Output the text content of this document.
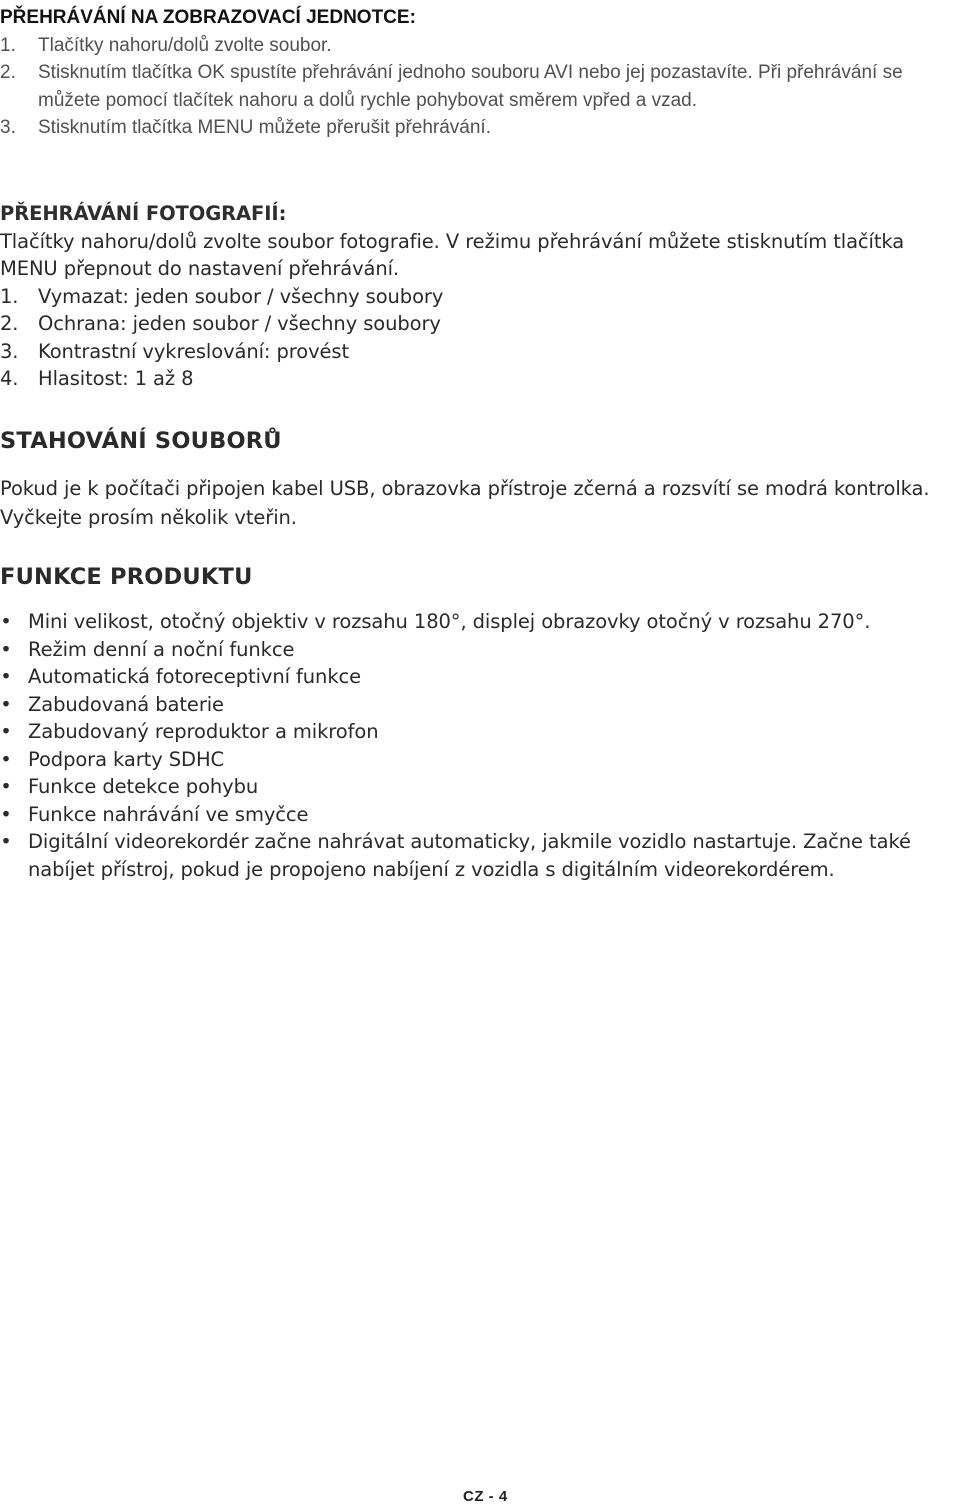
PŘEHRÁVÁNÍ NA ZOBRAZOVACÍ JEDNOTCE:
1. Tlačítky nahoru/dolů zvolte soubor.
2. Stisknutím tlačítka OK spustíte přehrávání jednoho souboru AVI nebo jej pozastavíte. Při přehrávání se můžete pomocí tlačítek nahoru a dolů rychle pohybovat směrem vpřed a vzad.
3. Stisknutím tlačítka MENU můžete přerušit přehrávání.
PŘEHRÁVÁNÍ FOTOGRAFIÍ:
Tlačítky nahoru/dolů zvolte soubor fotografie. V režimu přehrávání můžete stisknutím tlačítka MENU přepnout do nastavení přehrávání.
1. Vymazat: jeden soubor / všechny soubory
2. Ochrana: jeden soubor / všechny soubory
3. Kontrastní vykreslování: provést
4. Hlasitost: 1 až 8
STAHOVÁNÍ SOUBORŮ
Pokud je k počítači připojen kabel USB, obrazovka přístroje zčerná a rozsvítí se modrá kontrolka. Vyčkejte prosím několik vteřin.
FUNKCE PRODUKTU
• Mini velikost, otočný objektiv v rozsahu 180°, displej obrazovky otočný v rozsahu 270°.
• Režim denní a noční funkce
• Automatická fotoreceptivní funkce
• Zabudovaná baterie
• Zabudovaný reproduktor a mikrofon
• Podpora karty SDHC
• Funkce detekce pohybu
• Funkce nahrávání ve smyčce
• Digitální videorekordér začne nahrávat automaticky, jakmile vozidlo nastartuje. Začne také nabíjet přístroj, pokud je propojeno nabíjení z vozidla s digitálním videorekordérem.
CZ - 4
